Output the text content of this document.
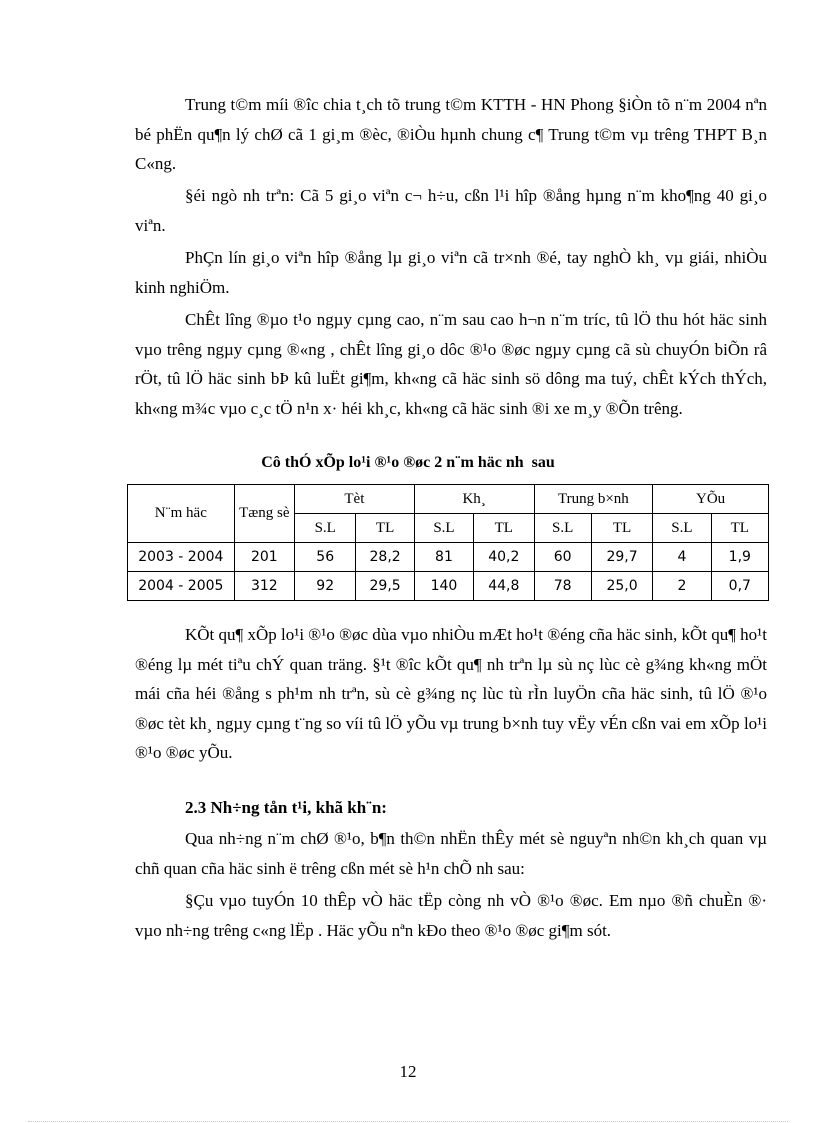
Trung t©m míi ®îc chia t¸ch tõ trung t©m KTTH - HN Phong §iÒn tõ n¨m 2004 nªn bé phËn qu¶n lý chØ cã 1 gi¸m ®èc, ®iÒu hµnh chung c¶ Trung t©m vµ trêng THPT B¸n C«ng.

§éi ngò nh trªn: Cã 5 gi¸o viªn c¬ h÷u, cßn l¹i hîp ®ång hµng n¨m kho¶ng 40 gi¸o viªn.

PhÇn lín gi¸o viªn hîp ®ång lµ gi¸o viªn cã tr×nh ®é, tay nghÒ kh¸ vµ giái, nhiÒu kinh nghiÖm.

ChÊt lîng ®µo t¹o ngµy cµng cao, n¨m sau cao h¬n n¨m tríc, tû lÖ thu hót häc sinh vµo trêng ngµy cµng ®«ng , chÊt lîng gi¸o dôc ®¹o ®øc ngµy cµng cã sù chuyÓn biÕn râ rÖt, tû lÖ häc sinh bÞ kû luËt gi¶m, kh«ng cã häc sinh sö dông ma tuý, chÊt kÝch thÝch, kh«ng m¾c vµo c¸c tÖ n¹n x· héi kh¸c, kh«ng cã häc sinh ®i xe m¸y ®Õn trêng.

Cô thÓ xÕp lo¹i ®¹o ®øc 2 n¨m häc nh  sau

N¨m häc	Tæng sè	Tèt		Kh¸		Trung b×nh		YÕu	
		S.L	TL	S.L	TL	S.L	TL	S.L	TL
2003 - 2004	201	56	28,2	81	40,2	60	29,7	4	1,9
2004 - 2005	312	92	29,5	140	44,8	78	25,0	2	0,7

KÕt qu¶ xÕp lo¹i ®¹o ®øc dùa vµo nhiÒu mÆt ho¹t ®éng cña häc sinh, kÕt qu¶ ho¹t ®éng lµ mét tiªu chÝ quan träng. §¹t ®îc kÕt qu¶ nh trªn lµ sù nç lùc cè g¾ng kh«ng mÖt mái cña héi ®ång s ph¹m nh trªn, sù cè g¾ng nç lùc tù rÌn luyÖn cña häc sinh, tû lÖ ®¹o ®øc tèt kh¸ ngµy cµng t¨ng so víi tû lÖ yÕu vµ trung b×nh tuy vËy vÉn cßn vai em xÕp lo¹i ®¹o ®øc yÕu.

2.3 Nh÷ng tån t¹i, khã kh¨n:

Qua nh÷ng n¨m chØ ®¹o, b¶n th©n nhËn thÊy mét sè nguyªn nh©n kh¸ch quan vµ chñ quan cña häc sinh ë trêng cßn mét sè h¹n chÕ nh sau:

§Çu vµo tuyÓn 10 thÊp vÒ häc tËp còng nh vÒ ®¹o ®øc. Em nµo ®ñ chuÈn ®· vµo nh÷ng trêng c«ng lËp . Häc yÕu nªn kÐo theo ®¹o ®øc gi¶m sót.

12
